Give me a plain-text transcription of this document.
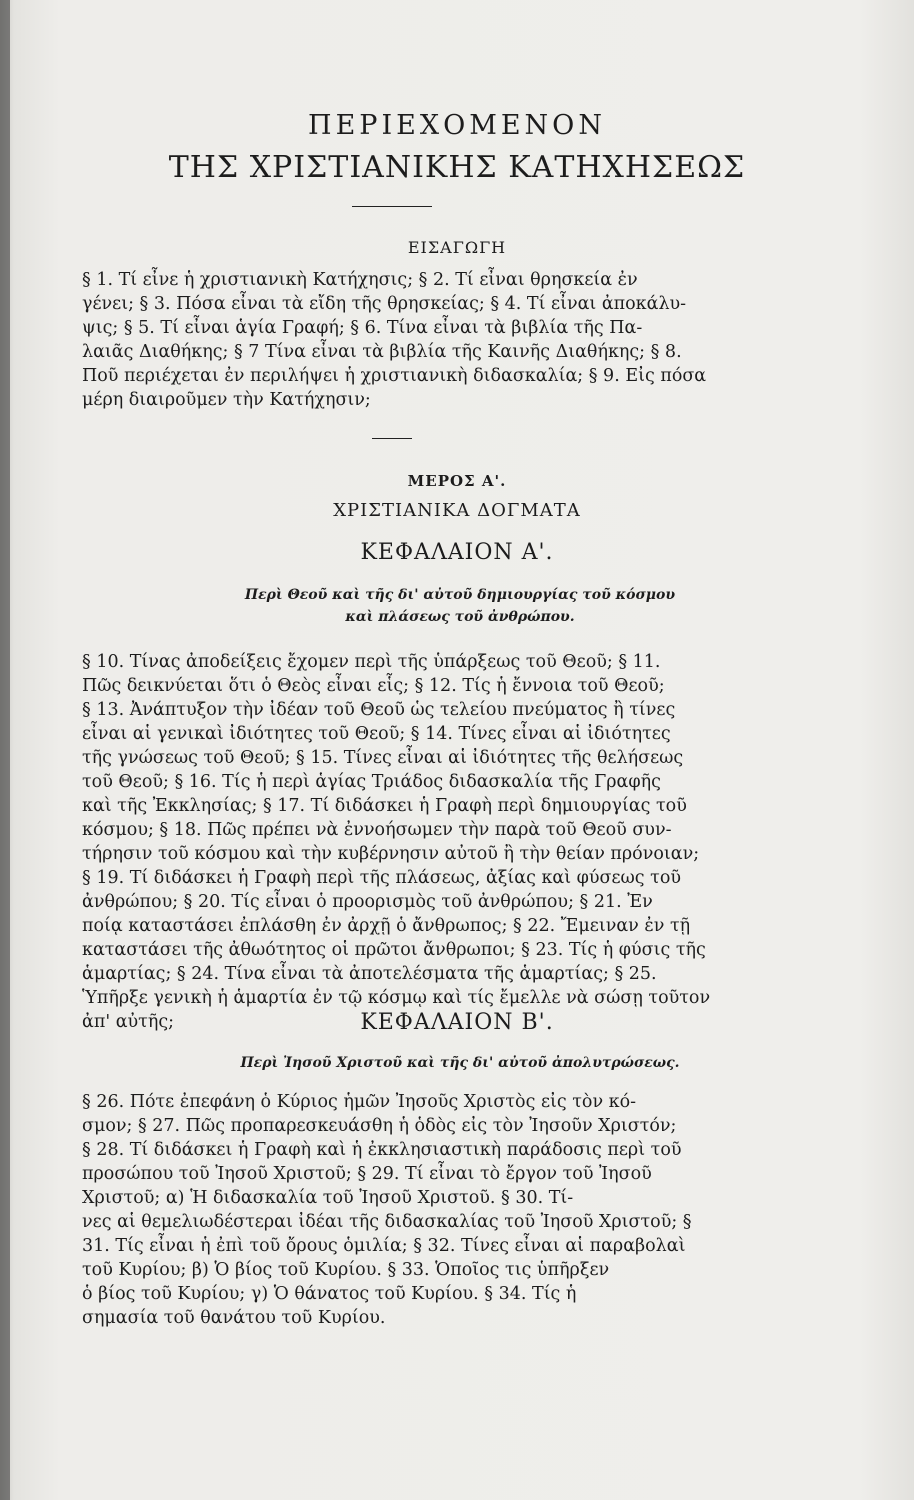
ΠΕΡΙΕΧΟΜΕΝΟΝ
ΤΗΣ ΧΡΙΣΤΙΑΝΙΚΗΣ ΚΑΤΗΧΗΣΕΩΣ
ΕΙΣΑΓΩΓΗ
§ 1. Τί εἶνε ἡ χριστιανικὴ Κατήχησις; § 2. Τί εἶναι θρησκεία ἐν
γένει; § 3. Πόσα εἶναι τὰ εἴδη τῆς θρησκείας; § 4. Τί εἶναι ἀποκάλυ-
ψις; § 5. Τί εἶναι ἁγία Γραφή; § 6. Τίνα εἶναι τὰ βιβλία τῆς Πα-
λαιᾶς Διαθήκης; § 7 Τίνα εἶναι τὰ βιβλία τῆς Καινῆς Διαθήκης; § 8.
Ποῦ περιέχεται ἐν περιλήψει ἡ χριστιανικὴ διδασκαλία; § 9. Εἰς πόσα
μέρη διαιροῦμεν τὴν Κατήχησιν;
ΜΕΡΟΣ Α'.
ΧΡΙΣΤΙΑΝΙΚΑ ΔΟΓΜΑΤΑ
ΚΕΦΑΛΑΙΟΝ Α'.
Περὶ Θεοῦ καὶ τῆς δι' αὐτοῦ δημιουργίας τοῦ κόσμου
καὶ πλάσεως τοῦ ἀνθρώπου.
§ 10. Τίνας ἀποδείξεις ἔχομεν περὶ τῆς ὑπάρξεως τοῦ Θεοῦ; § 11.
Πῶς δεικνύεται ὅτι ὁ Θεὸς εἶναι εἷς; § 12. Τίς ἡ ἔννοια τοῦ Θεοῦ;
§ 13. Ἀνάπτυξον τὴν ἰδέαν τοῦ Θεοῦ ὡς τελείου πνεύματος ἢ τίνες
εἶναι αἱ γενικαὶ ἰδιότητες τοῦ Θεοῦ; § 14. Τίνες εἶναι αἱ ἰδιότητες
τῆς γνώσεως τοῦ Θεοῦ; § 15. Τίνες εἶναι αἱ ἰδιότητες τῆς θελήσεως
τοῦ Θεοῦ; § 16. Τίς ἡ περὶ ἁγίας Τριάδος διδασκαλία τῆς Γραφῆς
καὶ τῆς Ἐκκλησίας; § 17. Τί διδάσκει ἡ Γραφὴ περὶ δημιουργίας τοῦ
κόσμου; § 18. Πῶς πρέπει νὰ ἐννοήσωμεν τὴν παρὰ τοῦ Θεοῦ συν-
τήρησιν τοῦ κόσμου καὶ τὴν κυβέρνησιν αὐτοῦ ἢ τὴν θείαν πρόνοιαν;
§ 19. Τί διδάσκει ἡ Γραφὴ περὶ τῆς πλάσεως, ἀξίας καὶ φύσεως τοῦ
ἀνθρώπου; § 20. Τίς εἶναι ὁ προορισμὸς τοῦ ἀνθρώπου; § 21. Ἐν
ποίᾳ καταστάσει ἐπλάσθη ἐν ἀρχῇ ὁ ἄνθρωπος; § 22. Ἔμειναν ἐν τῇ
καταστάσει τῆς ἀθωότητος οἱ πρῶτοι ἄνθρωποι; § 23. Τίς ἡ φύσις τῆς
ἁμαρτίας; § 24. Τίνα εἶναι τὰ ἀποτελέσματα τῆς ἁμαρτίας; § 25.
Ὑπῆρξε γενικὴ ἡ ἁμαρτία ἐν τῷ κόσμῳ καὶ τίς ἔμελλε νὰ σώσῃ τοῦτον
ἀπ' αὐτῆς;	ΚΕΦΑΛΑΙΟΝ Β'.
Περὶ Ἰησοῦ Χριστοῦ καὶ τῆς δι' αὐτοῦ ἀπολυτρώσεως.
§ 26. Πότε ἐπεφάνη ὁ Κύριος ἡμῶν Ἰησοῦς Χριστὸς εἰς τὸν κό-
σμον; § 27. Πῶς προπαρεσκευάσθη ἡ ὁδὸς εἰς τὸν Ἰησοῦν Χριστόν;
§ 28. Τί διδάσκει ἡ Γραφὴ καὶ ἡ ἐκκλησιαστικὴ παράδοσις περὶ τοῦ
προσώπου τοῦ Ἰησοῦ Χριστοῦ; § 29. Τί εἶναι τὸ ἔργον τοῦ Ἰησοῦ
Χριστοῦ; α) Ἡ διδασκαλία τοῦ Ἰησοῦ Χριστοῦ. § 30. Τί-
νες αἱ θεμελιωδέστεραι ἰδέαι τῆς διδασκαλίας τοῦ Ἰησοῦ Χριστοῦ; §
31. Τίς εἶναι ἡ ἐπὶ τοῦ ὄρους ὁμιλία; § 32. Τίνες εἶναι αἱ παραβολαὶ
τοῦ Κυρίου; β) Ὁ βίος τοῦ Κυρίου. § 33. Ὁποῖος τις ὑπῆρξεν
ὁ βίος τοῦ Κυρίου; γ) Ὁ θάνατος τοῦ Κυρίου. § 34. Τίς ἡ
σημασία τοῦ θανάτου τοῦ Κυρίου.
